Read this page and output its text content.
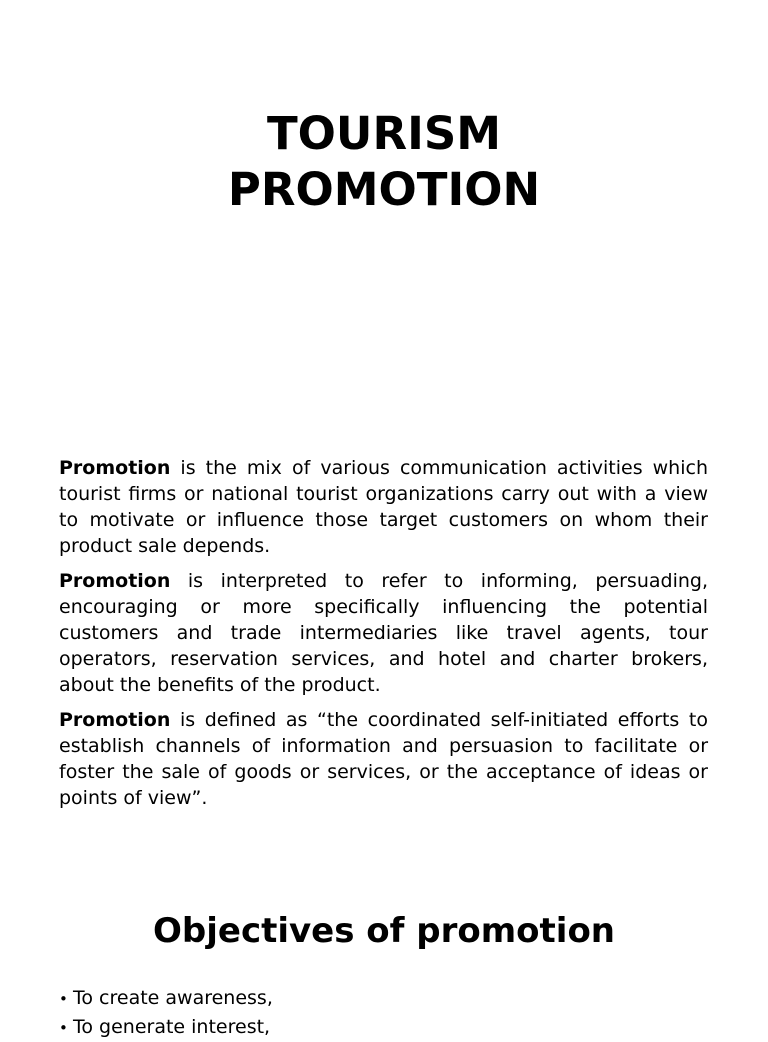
TOURISM
PROMOTION

Promotion is the mix of various communication activities which tourist firms or national tourist organizations carry out with a view to motivate or influence those target customers on whom their product sale depends.

Promotion is interpreted to refer to informing, persuading, encouraging or more specifically influencing the potential customers and trade intermediaries like travel agents, tour operators, reservation services, and hotel and charter brokers, about the benefits of the product.

Promotion is defined as “the coordinated self-initiated efforts to establish channels of information and persuasion to facilitate or foster the sale of goods or services, or the acceptance of ideas or points of view”.

Objectives of promotion
• To create awareness,
• To generate interest,
